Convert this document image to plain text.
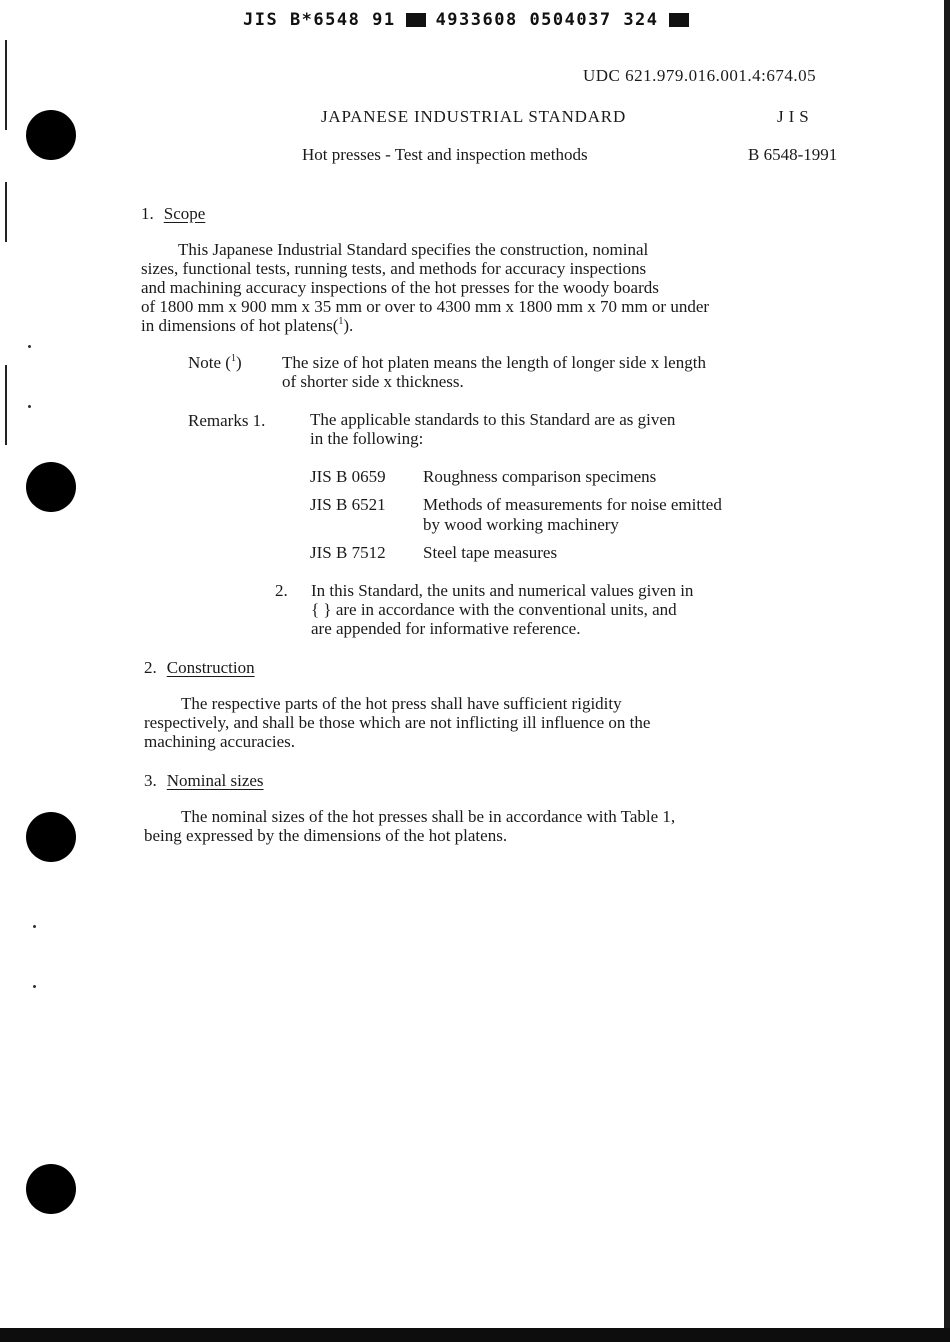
JIS B*6548 91 4933608 0504037 324
UDC 621.979.016.001.4:674.05
JAPANESE INDUSTRIAL STANDARD	JIS
Hot presses - Test and inspection methods	B 6548-1991
1. Scope
This Japanese Industrial Standard specifies the construction, nominal
sizes, functional tests, running tests, and methods for accuracy inspections
and machining accuracy inspections of the hot presses for the woody boards
of 1800 mm x 900 mm x 35 mm or over to 4300 mm x 1800 mm x 70 mm or under
in dimensions of hot platens($^1$).
Note ($^1$) The size of hot platen means the length of longer side x length
of shorter side x thickness.
Remarks 1.	The applicable standards to this Standard are as given
in the following:
JIS B 0659 Roughness comparison specimens
JIS B 6521 Methods of measurements for noise emitted
by wood working machinery
JIS B 7512 Steel tape measures
2. In this Standard, the units and numerical values given in
{ } are in accordance with the conventional units, and
are appended for informative reference.
2. Construction
The respective parts of the hot press shall have sufficient rigidity
respectively, and shall be those which are not inflicting ill influence on the
machining accuracies.
3. Nominal sizes
The nominal sizes of the hot presses shall be in accordance with Table 1,
being expressed by the dimensions of the hot platens.
